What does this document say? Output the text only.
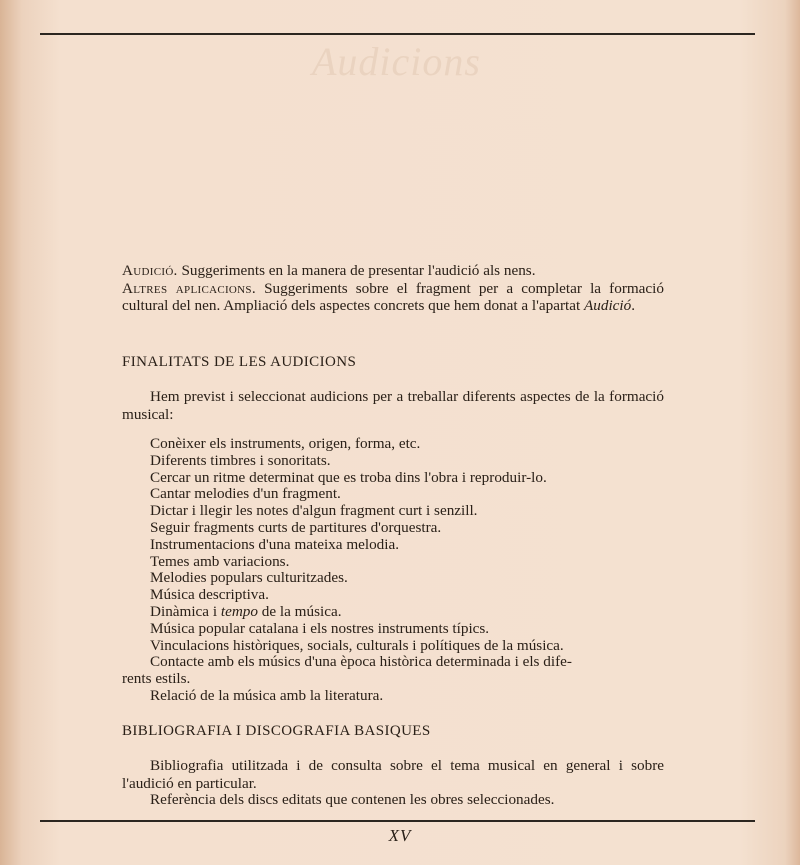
Audicions
Audició. Suggeriments en la manera de presentar l'audició als nens.
Altres aplicacions. Suggeriments sobre el fragment per a completar la formació cultural del nen. Ampliació dels aspectes concrets que hem donat a l'apartat Audició.
FINALITATS DE LES AUDICIONS
Hem previst i seleccionat audicions per a treballar diferents aspectes de la formació musical:
Conèixer els instruments, origen, forma, etc.
Diferents timbres i sonoritats.
Cercar un ritme determinat que es troba dins l'obra i reproduir-lo.
Cantar melodies d'un fragment.
Dictar i llegir les notes d'algun fragment curt i senzill.
Seguir fragments curts de partitures d'orquestra.
Instrumentacions d'una mateixa melodia.
Temes amb variacions.
Melodies populars culturitzades.
Música descriptiva.
Dinàmica i tempo de la música.
Música popular catalana i els nostres instruments típics.
Vinculacions històriques, socials, culturals i polítiques de la música.
Contacte amb els músics d'una època històrica determinada i els dife-
rents estils.
Relació de la música amb la literatura.
BIBLIOGRAFIA I DISCOGRAFIA BASIQUES
Bibliografia utilitzada i de consulta sobre el tema musical en general i sobre l'audició en particular.
Referència dels discs editats que contenen les obres seleccionades.
XV
